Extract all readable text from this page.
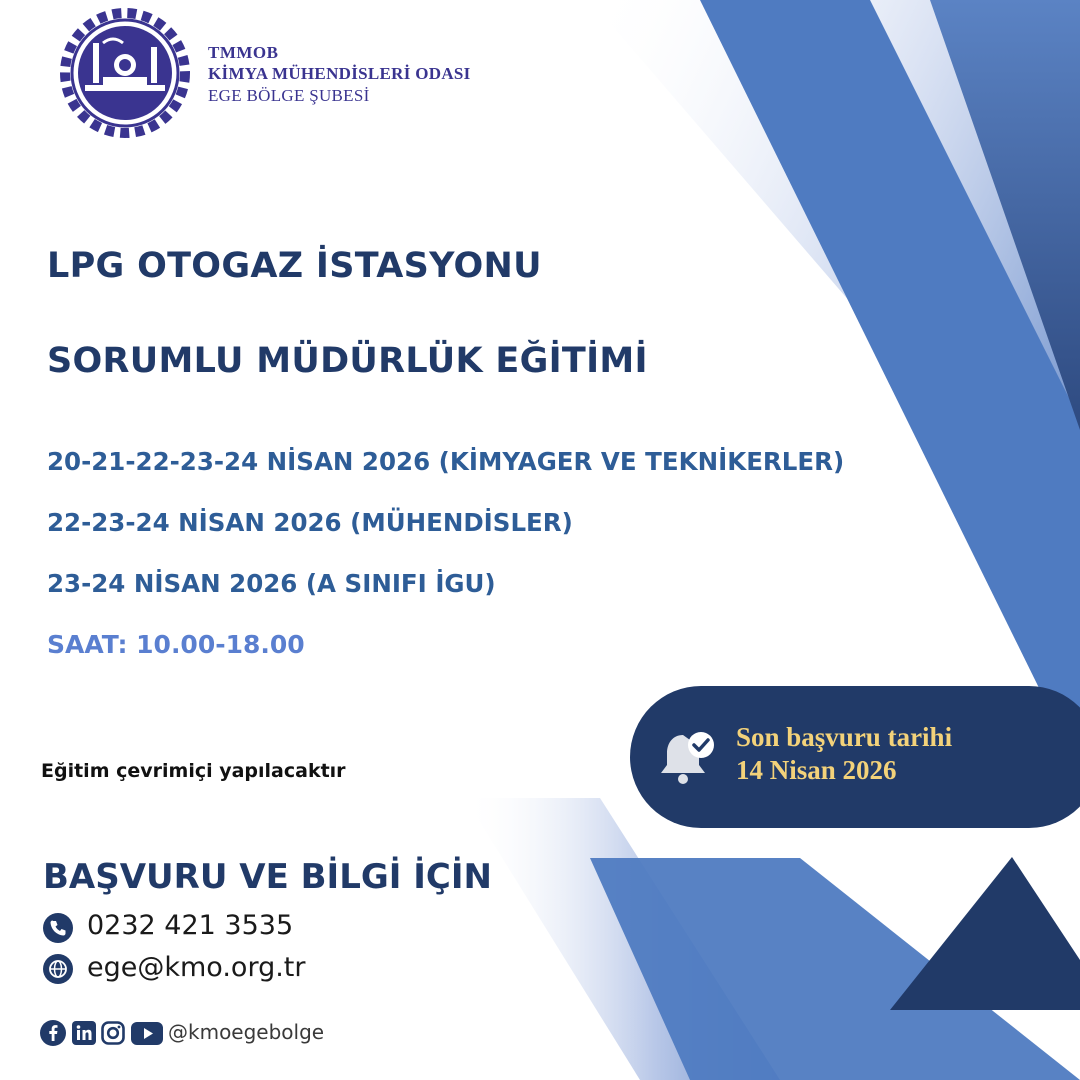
TMMOB
KİMYA MÜHENDİSLERİ ODASI
EGE BÖLGE ŞUBESİ
LPG OTOGAZ İSTASYONU
SORUMLU MÜDÜRLÜK EĞİTİMİ
20-21-22-23-24 NİSAN 2026 (KİMYAGER VE TEKNİKERLER)
22-23-24 NİSAN 2026 (MÜHENDİSLER)
23-24 NİSAN 2026 (A SINIFI İGU)
SAAT: 10.00-18.00
Eğitim çevrimiçi yapılacaktır
Son başvuru tarihi
14 Nisan 2026
BAŞVURU VE BİLGİ İÇİN
0232 421 3535
ege@kmo.org.tr
@kmoegebolge
